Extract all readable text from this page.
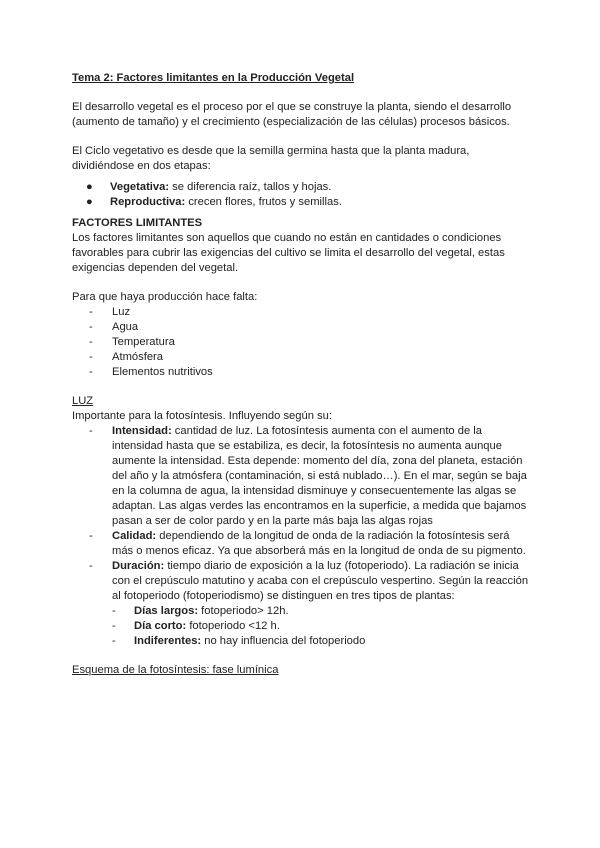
Tema 2: Factores limitantes en la Producción Vegetal

El desarrollo vegetal es el proceso por el que se construye la planta, siendo el desarrollo (aumento de tamaño) y el crecimiento (especialización de las células) procesos básicos.

El Ciclo vegetativo es desde que la semilla germina hasta que la planta madura, dividiéndose en dos etapas:

● Vegetativa: se diferencia raíz, tallos y hojas.
● Reproductiva: crecen flores, frutos y semillas.
FACTORES LIMITANTES

Los factores limitantes son aquellos que cuando no están en cantidades o condiciones favorables para cubrir las exigencias del cultivo se limita el desarrollo del vegetal, estas exigencias dependen del vegetal.

Para que haya producción hace falta:
- Luz
- Agua
- Temperatura
- Atmósfera
- Elementos nutritivos
LUZ
Importante para la fotosíntesis. Influyendo según su:
- Intensidad: cantidad de luz. La fotosíntesis aumenta con el aumento de la intensidad hasta que se estabiliza, es decir, la fotosíntesis no aumenta aunque aumente la intensidad. Esta depende: momento del día, zona del planeta, estación del año y la atmósfera (contaminación, si está nublado…). En el mar, según se baja en la columna de agua, la intensidad disminuye y consecuentemente las algas se adaptan. Las algas verdes las encontramos en la superficie, a medida que bajamos pasan a ser de color pardo y en la parte más baja las algas rojas
- Calidad: dependiendo de la longitud de onda de la radiación la fotosíntesis será más o menos eficaz. Ya que absorberá más en la longitud de onda de su pigmento.
- Duración: tiempo diario de exposición a la luz (fotoperiodo). La radiación se inicia con el crepúsculo matutino y acaba con el crepúsculo vespertino. Según la reacción al fotoperiodo (fotoperiodismo) se distinguen en tres tipos de plantas:
- Días largos: fotoperiodo> 12h.
- Día corto: fotoperiodo <12 h.
- Indiferentes: no hay influencia del fotoperiodo
Esquema de la fotosíntesis: fase lumínica
